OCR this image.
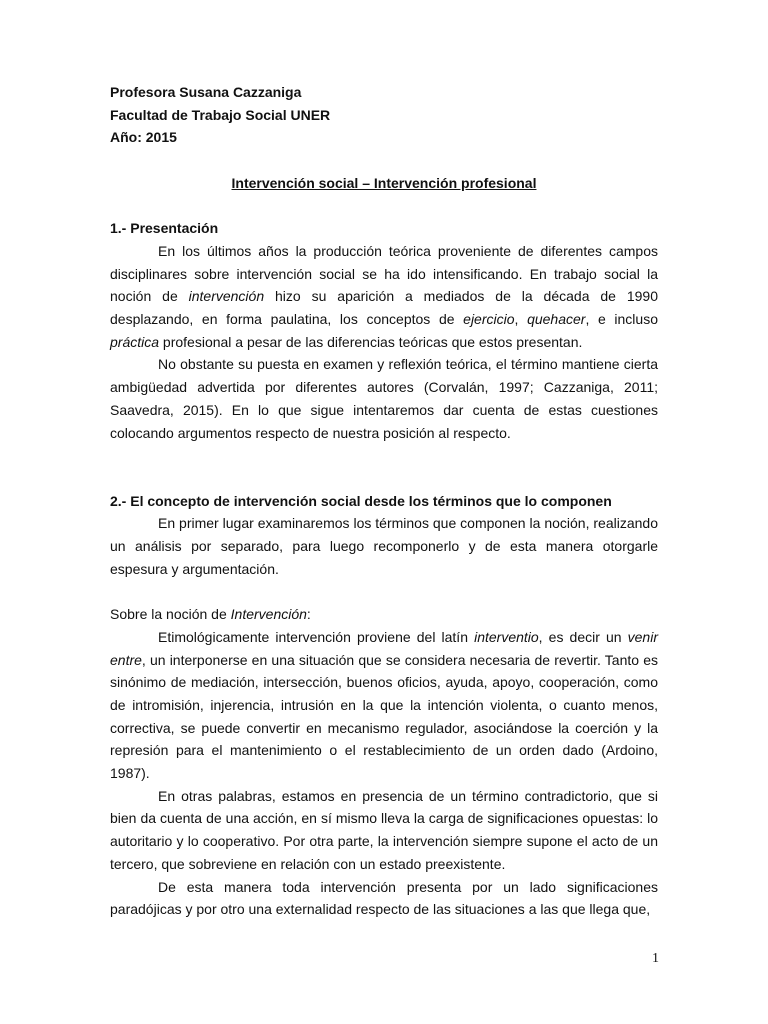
Profesora Susana Cazzaniga

Facultad de Trabajo Social UNER

Año: 2015

Intervención social – Intervención profesional

1.- Presentación

En los últimos años la producción teórica proveniente de diferentes campos disciplinares sobre intervención social se ha ido intensificando. En trabajo social la noción de intervención hizo su aparición a mediados de la década de 1990 desplazando, en forma paulatina, los conceptos de ejercicio, quehacer, e incluso práctica profesional a pesar de las diferencias teóricas que estos presentan.

No obstante su puesta en examen y reflexión teórica, el término mantiene cierta ambigüedad advertida por diferentes autores (Corvalán, 1997; Cazzaniga, 2011; Saavedra, 2015). En lo que sigue intentaremos dar cuenta de estas cuestiones colocando argumentos respecto de nuestra posición al respecto.

2.- El concepto de intervención social desde los términos que lo componen

En primer lugar examinaremos los términos que componen la noción, realizando un análisis por separado, para luego recomponerlo y de esta manera otorgarle espesura y argumentación.

Sobre la noción de Intervención:

Etimológicamente intervención proviene del latín interventio, es decir un venir entre, un interponerse en una situación que se considera necesaria de revertir. Tanto es sinónimo de mediación, intersección, buenos oficios, ayuda, apoyo, cooperación, como de intromisión, injerencia, intrusión en la que la intención violenta, o cuanto menos, correctiva, se puede convertir en mecanismo regulador, asociándose la coerción y la represión para el mantenimiento o el restablecimiento de un orden dado (Ardoino, 1987).

En otras palabras, estamos en presencia de un término contradictorio, que si bien da cuenta de una acción, en sí mismo lleva la carga de significaciones opuestas: lo autoritario y lo cooperativo. Por otra parte, la intervención siempre supone el acto de un tercero, que sobreviene en relación con un estado preexistente.

De esta manera toda intervención presenta por un lado significaciones paradójicas y por otro una externalidad respecto de las situaciones a las que llega que,

1
